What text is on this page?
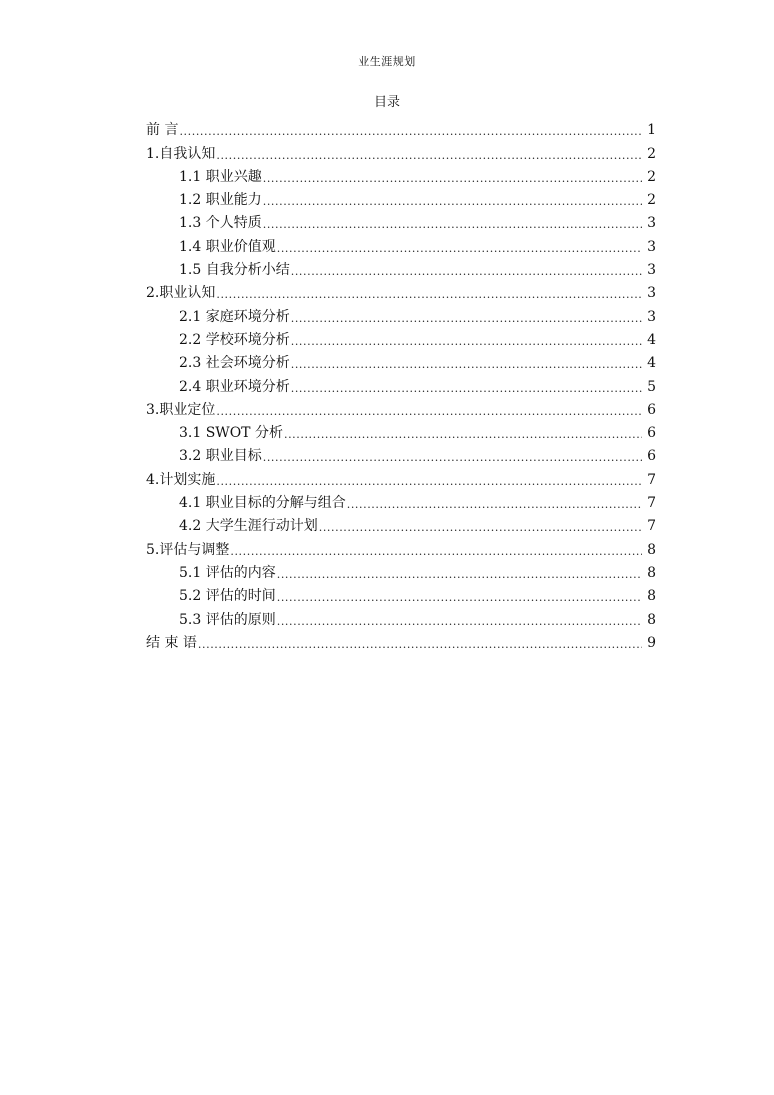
业生涯规划
目录
前 言 .....	1
1.自我认知 .....	2
1.1 职业兴趣 .....	2
1.2 职业能力 .....	2
1.3 个人特质 .....	3
1.4 职业价值观 .....	3
1.5 自我分析小结 .....	3
2.职业认知 .....	3
2.1 家庭环境分析 .....	3
2.2 学校环境分析 .....	4
2.3 社会环境分析 .....	4
2.4 职业环境分析 .....	5
3.职业定位 .....	6
3.1 SWOT 分析 .....	6
3.2 职业目标 .....	6
4.计划实施 .....	7
4.1 职业目标的分解与组合 .....	7
4.2 大学生涯行动计划 .....	7
5.评估与调整 .....	8
5.1 评估的内容 .....	8
5.2 评估的时间 .....	8
5.3 评估的原则 .....	8
结 束 语 .....	9
